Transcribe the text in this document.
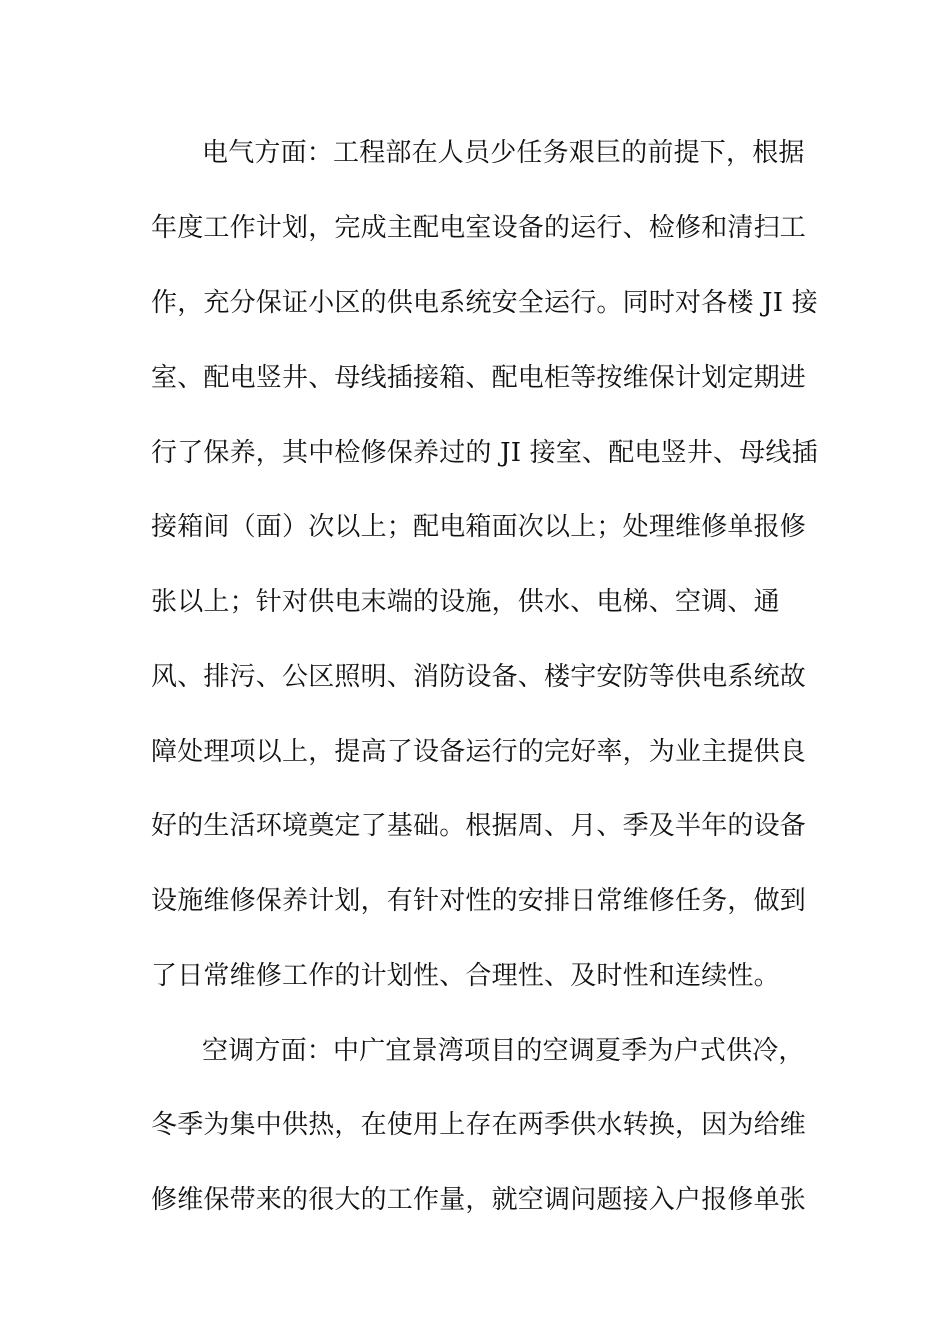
电气方面：工程部在人员少任务艰巨的前提下，根据
年度工作计划，完成主配电室设备的运行、检修和清扫工
作，充分保证小区的供电系统安全运行。同时对各楼 JI 接
室、配电竖井、母线插接箱、配电柜等按维保计划定期进
行了保养，其中检修保养过的 JI 接室、配电竖井、母线插
接箱间（面）次以上；配电箱面次以上；处理维修单报修
张以上；针对供电末端的设施，供水、电梯、空调、通
风、排污、公区照明、消防设备、楼宇安防等供电系统故
障处理项以上，提高了设备运行的完好率，为业主提供良
好的生活环境奠定了基础。根据周、月、季及半年的设备
设施维修保养计划，有针对性的安排日常维修任务，做到
了日常维修工作的计划性、合理性、及时性和连续性。
空调方面：中广宜景湾项目的空调夏季为户式供冷，
冬季为集中供热，在使用上存在两季供水转换，因为给维
修维保带来的很大的工作量，就空调问题接入户报修单张
